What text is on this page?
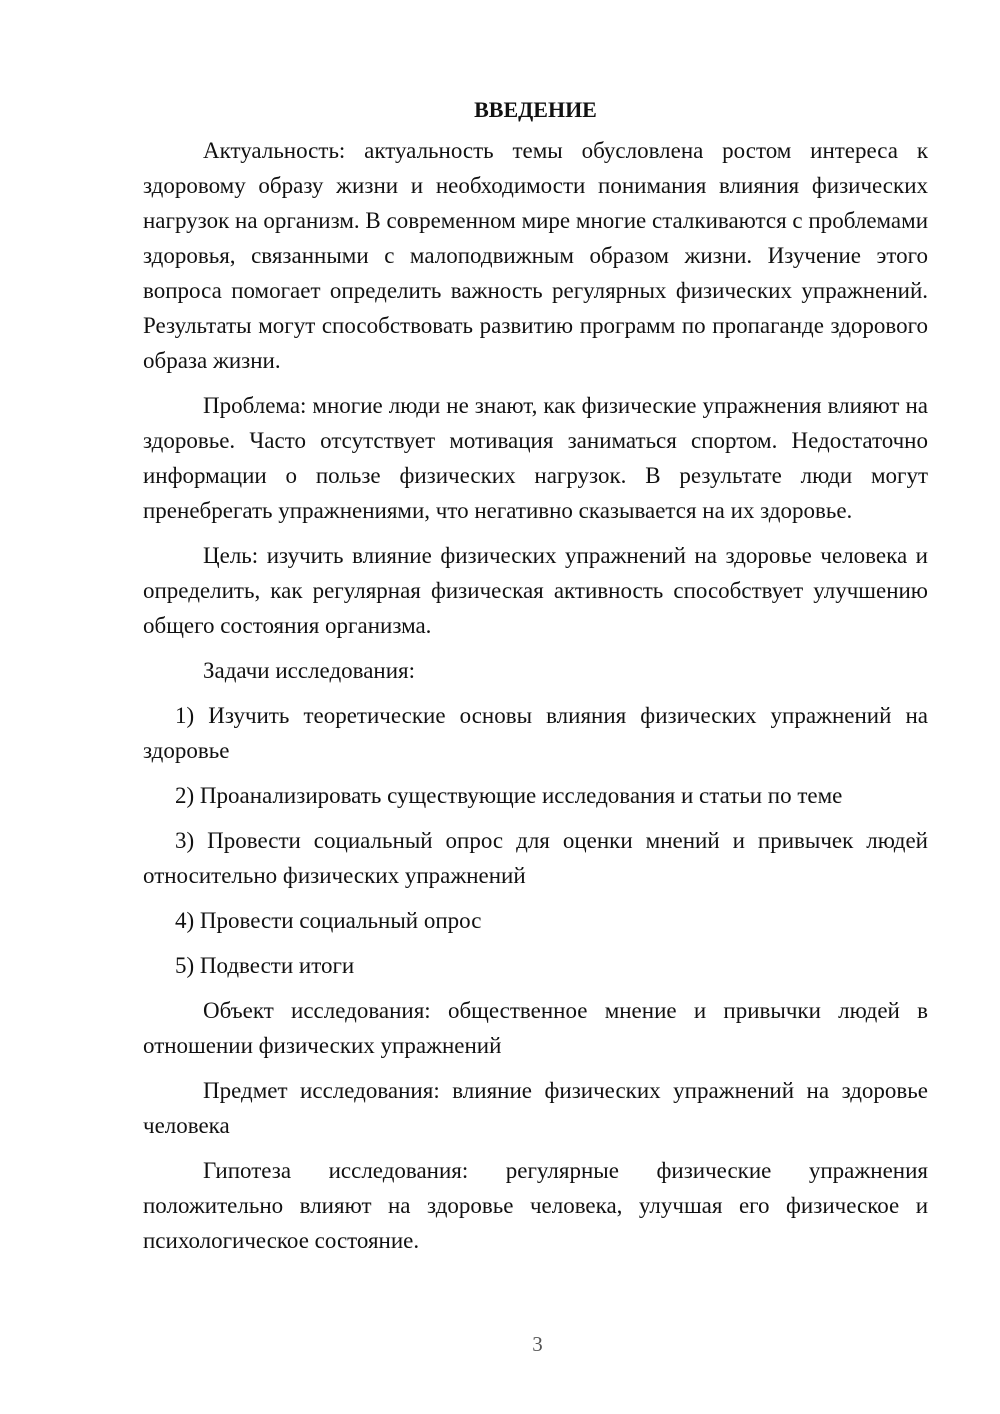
ВВЕДЕНИЕ

Актуальность: актуальность темы обусловлена ростом интереса к здоровому образу жизни и необходимости понимания влияния физических нагрузок на организм. В современном мире многие сталкиваются с проблемами здоровья, связанными с малоподвижным образом жизни. Изучение этого вопроса помогает определить важность регулярных физических упражнений. Результаты могут способствовать развитию программ по пропаганде здорового образа жизни.

Проблема: многие люди не знают, как физические упражнения влияют на здоровье. Часто отсутствует мотивация заниматься спортом. Недостаточно информации о пользе физических нагрузок. В результате люди могут пренебрегать упражнениями, что негативно сказывается на их здоровье.

Цель: изучить влияние физических упражнений на здоровье человека и определить, как регулярная физическая активность способствует улучшению общего состояния организма.

Задачи исследования:

1) Изучить теоретические основы влияния физических упражнений на здоровье

2) Проанализировать существующие исследования и статьи по теме

3) Провести социальный опрос для оценки мнений и привычек людей относительно физических упражнений

4) Провести социальный опрос

5) Подвести итоги

Объект исследования: общественное мнение и привычки людей в отношении физических упражнений

Предмет исследования: влияние физических упражнений на здоровье человека

Гипотеза исследования: регулярные физические упражнения положительно влияют на здоровье человека, улучшая его физическое и психологическое состояние.

3
